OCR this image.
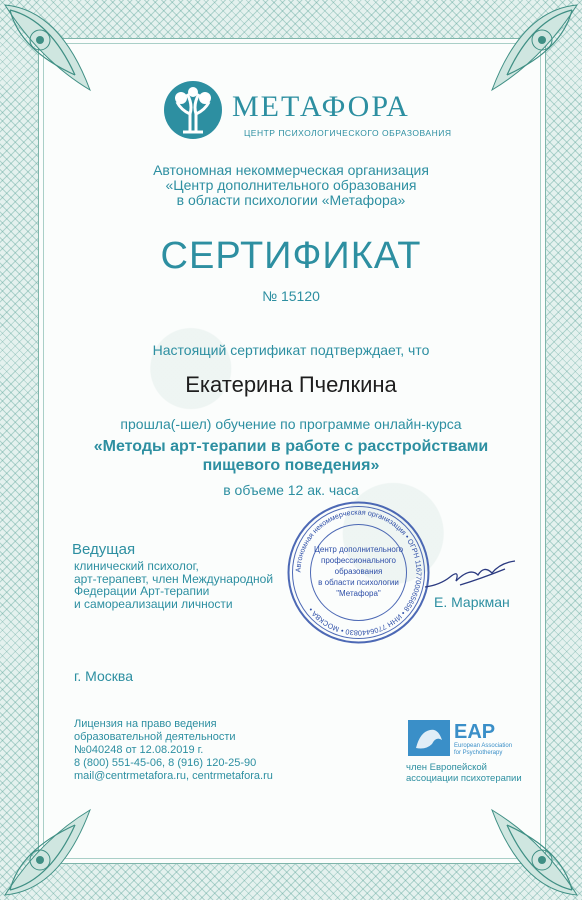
МЕТАФОРА
ЦЕНТР ПСИХОЛОГИЧЕСКОГО ОБРАЗОВАНИЯ
Автономная некоммерческая организация
«Центр дополнительного образования
в области психологии «Метафора»
СЕРТИФИКАТ
№ 15120
Настоящий сертификат подтверждает, что
Екатерина Пчелкина
прошла(-шел) обучение по программе онлайн-курса
«Методы арт-терапии в работе с расстройствами
пищевого поведения»
в объеме 12 ак. часа
Ведущая
клинический психолог,
арт-терапевт, член Международной
Федерации Арт-терапии
и самореализации личности
Автономная некоммерческая организация • ОГРН 1167700065658 • ИНН 7706440830 • МОСКВА •
Центр дополнительного
профессионального
образования
в области психологии
"Метафора"
Е. Маркман
г. Москва
Лицензия на право ведения
образовательной деятельности
№040248 от 12.08.2019 г.
8 (800) 551-45-06, 8 (916) 120-25-90
mail@centrmetafora.ru, centrmetafora.ru
EAP
European Association
for Psychotherapy
член Европейской
ассоциации психотерапии
